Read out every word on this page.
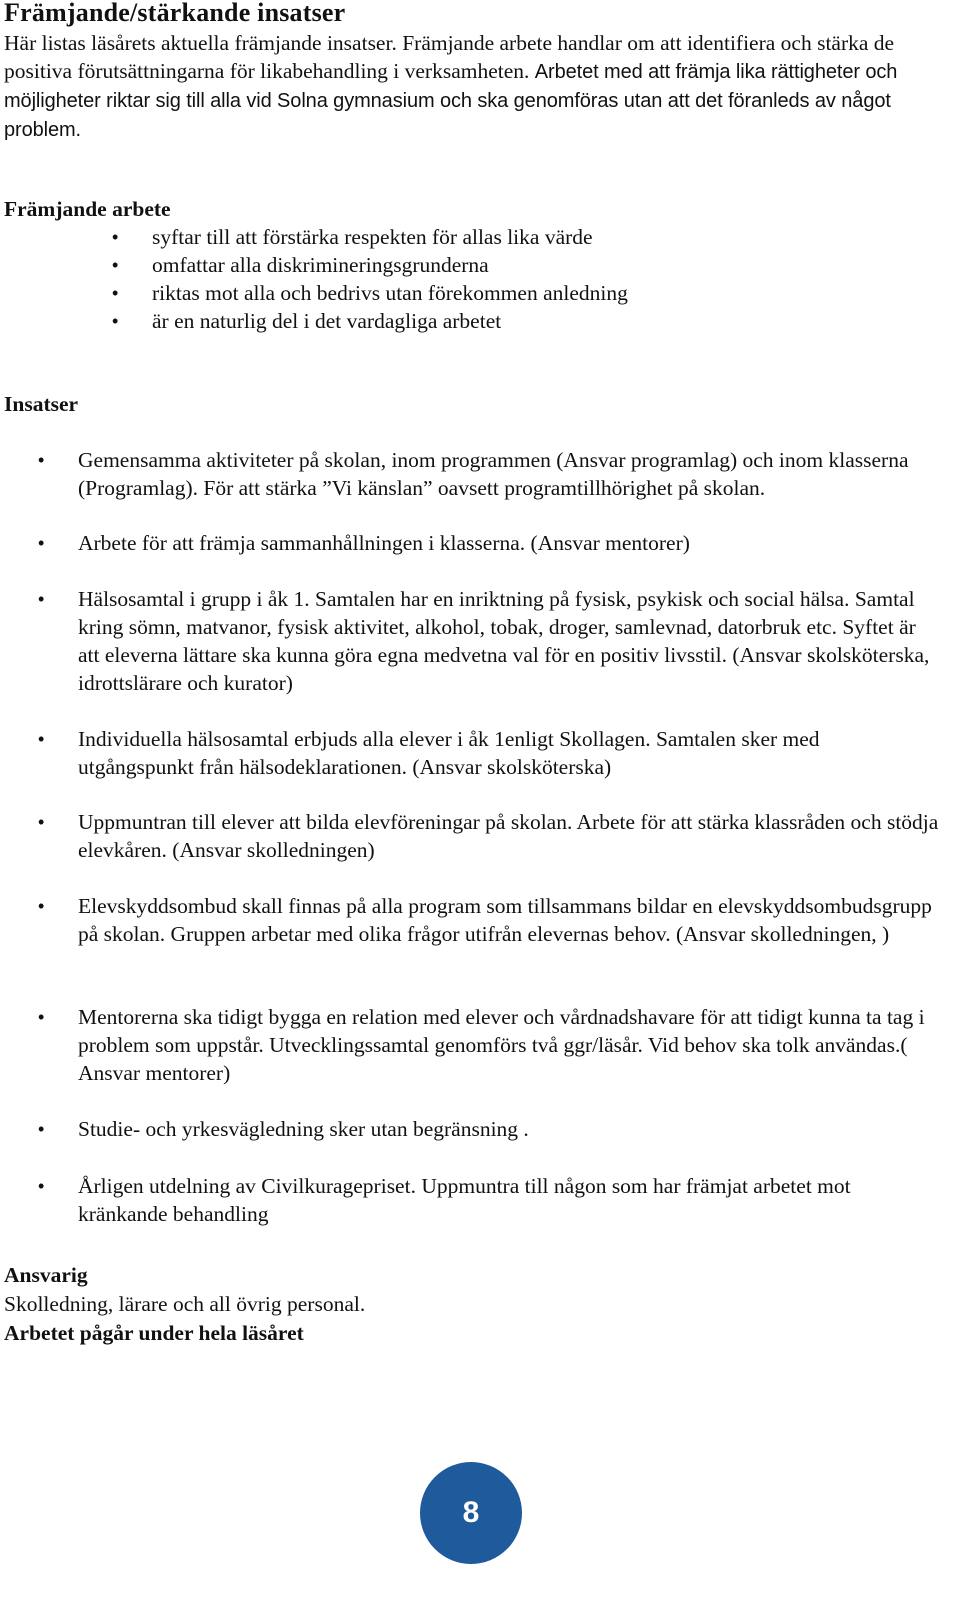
Främjande/stärkande insatser

Här listas läsårets aktuella främjande insatser. Främjande arbete handlar om att identifiera och stärka de positiva förutsättningarna för likabehandling i verksamheten. Arbetet med att främja lika rättigheter och möjligheter riktar sig till alla vid Solna gymnasium och ska genomföras utan att det föranleds av något problem.

Främjande arbete
• syftar till att förstärka respekten för allas lika värde
• omfattar alla diskrimineringsgrunderna
• riktas mot alla och bedrivs utan förekommen anledning
• är en naturlig del i det vardagliga arbetet
Insatser
• Gemensamma aktiviteter på skolan, inom programmen (Ansvar programlag) och inom klasserna (Programlag). För att stärka ”Vi känslan” oavsett programtillhörighet på skolan.
• Arbete för att främja sammanhållningen i klasserna. (Ansvar mentorer)
• Hälsosamtal i grupp i åk 1. Samtalen har en inriktning på fysisk, psykisk och social hälsa. Samtal kring sömn, matvanor, fysisk aktivitet, alkohol, tobak, droger, samlevnad, datorbruk etc. Syftet är att eleverna lättare ska kunna göra egna medvetna val för en positiv livsstil. (Ansvar skolsköterska, idrottslärare och kurator)
• Individuella hälsosamtal erbjuds alla elever i åk 1enligt Skollagen. Samtalen sker med utgångspunkt från hälsodeklarationen. (Ansvar skolsköterska)
• Uppmuntran till elever att bilda elevföreningar på skolan. Arbete för att stärka klassråden och stödja elevkåren. (Ansvar skolledningen)
• Elevskyddsombud skall finnas på alla program som tillsammans bildar en elevskyddsombudsgrupp på skolan. Gruppen arbetar med olika frågor utifrån elevernas behov. (Ansvar skolledningen, )
• Mentorerna ska tidigt bygga en relation med elever och vårdnadshavare för att tidigt kunna ta tag i problem som uppstår. Utvecklingssamtal genomförs två ggr/läsår. Vid behov ska tolk användas.( Ansvar mentorer)
• Studie- och yrkesvägledning sker utan begränsning .
• Årligen utdelning av Civilkuragepriset. Uppmuntra till någon som har främjat arbetet mot kränkande behandling
Ansvarig

Skolledning, lärare och all övrig personal.

Arbetet pågår under hela läsåret
8
